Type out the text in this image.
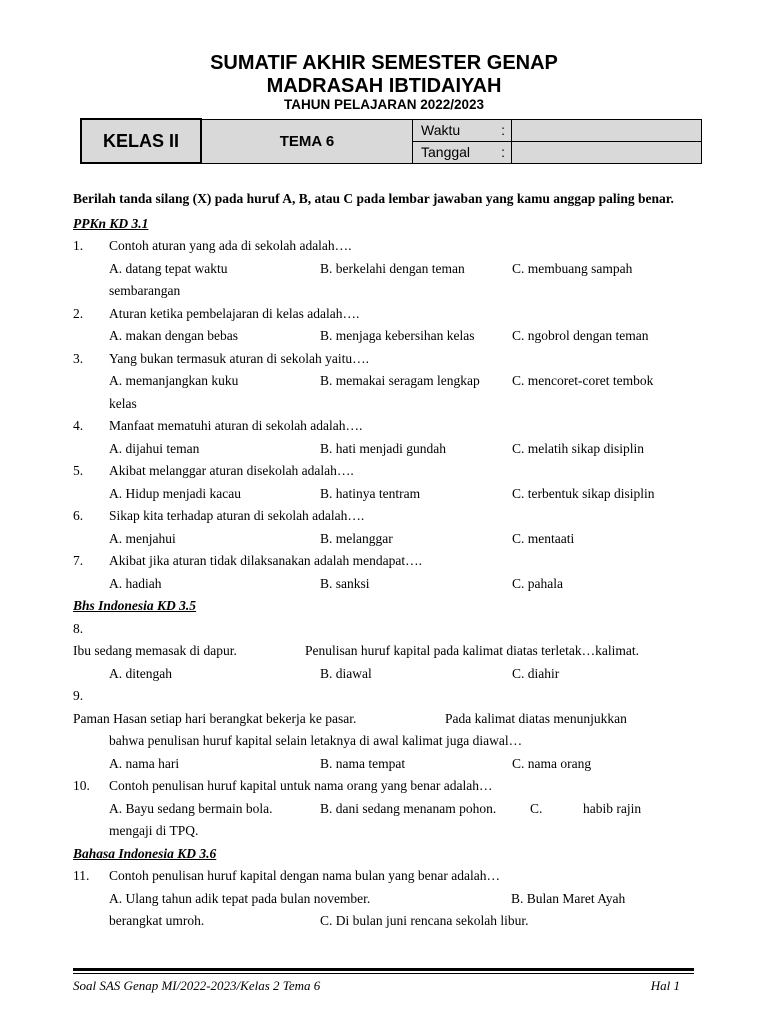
SUMATIF AKHIR SEMESTER GENAP
MADRASAH IBTIDAIYAH
TAHUN PELAJARAN 2022/2023
KELAS II	TEMA 6	Waktu :	

		Tanggal :	

Berilah tanda silang (X) pada huruf A, B, atau C pada lembar jawaban yang kamu anggap paling benar.

PPKn KD 3.1
1. Contoh aturan yang ada di sekolah adalah….
A. datang tepat waktu	B. berkelahi dengan teman	C. membuang sampah
sembarangan
2. Aturan ketika pembelajaran di kelas adalah….
A. makan dengan bebas	B. menjaga kebersihan kelas	C. ngobrol dengan teman
3. Yang bukan termasuk aturan di sekolah yaitu….
A. memanjangkan kuku	B. memakai seragam lengkap C. mencoret-coret tembok
kelas
4. Manfaat mematuhi aturan di sekolah adalah….
A. dijahui teman	B. hati menjadi gundah	C. melatih sikap disiplin
5. Akibat melanggar aturan disekolah adalah….
A. Hidup menjadi kacau	B. hatinya tentram	C. terbentuk sikap disiplin
6. Sikap kita terhadap aturan di sekolah adalah….
A. menjahui	B. melanggar	C. mentaati
7. Akibat jika aturan tidak dilaksanakan adalah mendapat….
A. hadiah	B. sanksi	C. pahala
Bhs Indonesia KD 3.5
8.
Ibu sedang memasak di dapur.	Penulisan huruf kapital pada kalimat diatas terletak…kalimat.
A. ditengah	B. diawal	C. diahir
9.
Paman Hasan setiap hari berangkat bekerja ke pasar.	Pada kalimat diatas menunjukkan
bahwa penulisan huruf kapital selain letaknya di awal kalimat juga diawal…
A. nama hari	B. nama tempat	C. nama orang
10. Contoh penulisan huruf kapital untuk nama orang yang benar adalah…
A. Bayu sedang bermain bola.	B. dani sedang menanam pohon.	C.	habib rajin
mengaji di TPQ.
Bahasa Indonesia KD 3.6
11. Contoh penulisan huruf kapital dengan nama bulan yang benar adalah…
A. Ulang tahun adik tepat pada bulan november.	B. Bulan Maret Ayah
berangkat umroh.	C. Di bulan juni rencana sekolah libur.
Soal SAS Genap MI/2022-2023/Kelas 2 Tema 6	Hal 1
